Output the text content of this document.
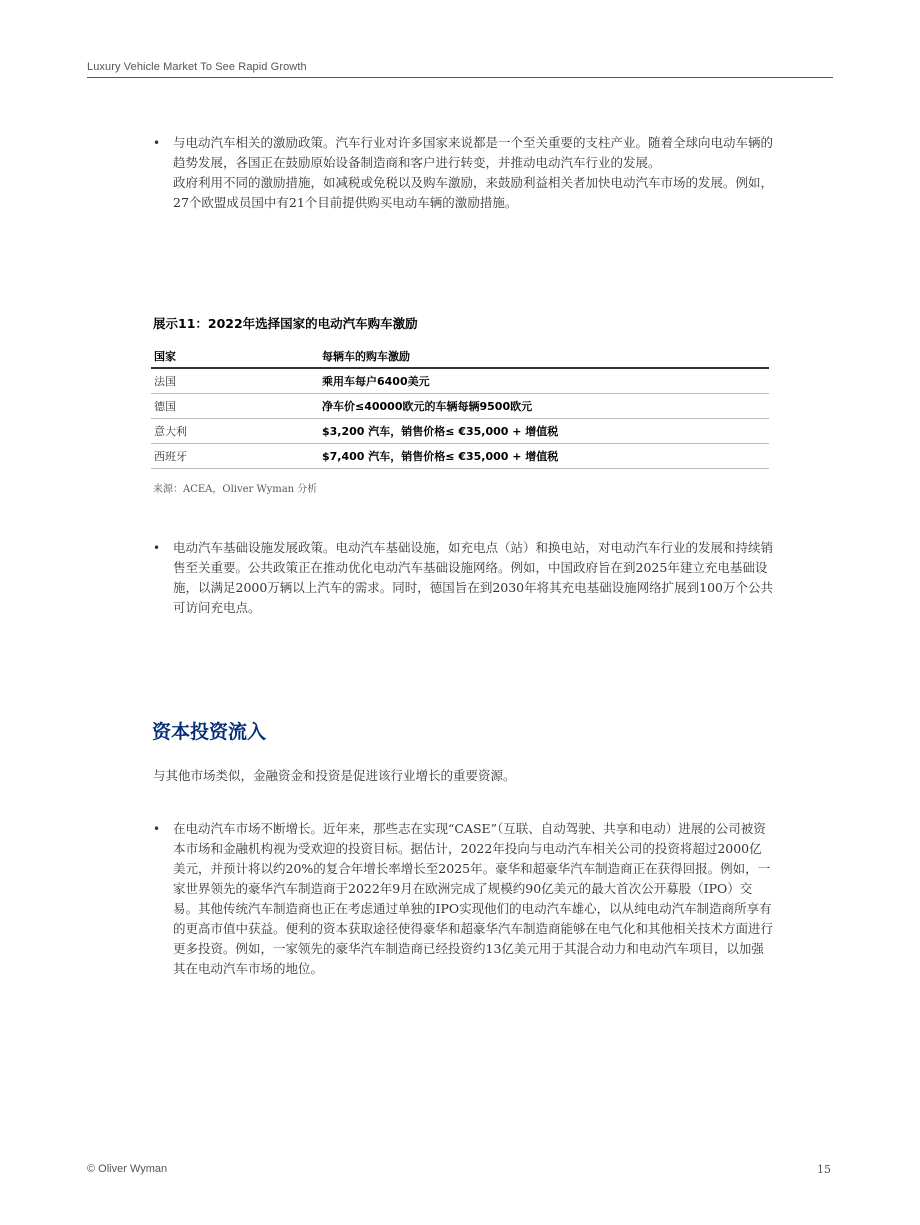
Luxury Vehicle Market To See Rapid Growth
•	与电动汽车相关的激励政策。汽车行业对许多国家来说都是一个至关重要的支柱产业。随着全球向电动车辆的趋势发展，各国正在鼓励原始设备制造商和客户进行转变，并推动电动汽车行业的发展。
政府利用不同的激励措施，如减税或免税以及购车激励，来鼓励利益相关者加快电动汽车市场的发展。例如，27个欧盟成员国中有21个目前提供购买电动车辆的激励措施。
展示11：2022年选择国家的电动汽车购车激励
国家	每辆车的购车激励
法国	乘用车每户6400美元
德国	净车价≤40000欧元的车辆每辆9500欧元
意大利	$3,200 汽车，销售价格≤ €35,000 + 增值税
西班牙	$7,400 汽车，销售价格≤ €35,000 + 增值税
来源：ACEA，Oliver Wyman 分析
•	电动汽车基础设施发展政策。电动汽车基础设施，如充电点（站）和换电站，对电动汽车行业的发展和持续销售至关重要。公共政策正在推动优化电动汽车基础设施网络。例如，中国政府旨在到2025年建立充电基础设施，以满足2000万辆以上汽车的需求。同时，德国旨在到2030年将其充电基础设施网络扩展到100万个公共可访问充电点。
资本投资流入
与其他市场类似，金融资金和投资是促进该行业增长的重要资源。
•	在电动汽车市场不断增长。近年来，那些志在实现“CASE”（互联、自动驾驶、共享和电动）进展的公司被资本市场和金融机构视为受欢迎的投资目标。据估计，2022年投向与电动汽车相关公司的投资将超过2000亿美元，并预计将以约20%的复合年增长率增长至2025年。豪华和超豪华汽车制造商正在获得回报。例如，一家世界领先的豪华汽车制造商于2022年9月在欧洲完成了规模约90亿美元的最大首次公开募股（IPO）交易。其他传统汽车制造商也正在考虑通过单独的IPO实现他们的电动汽车雄心，以从纯电动汽车制造商所享有的更高市值中获益。便利的资本获取途径使得豪华和超豪华汽车制造商能够在电气化和其他相关技术方面进行更多投资。例如，一家领先的豪华汽车制造商已经投资约13亿美元用于其混合动力和电动汽车项目，以加强其在电动汽车市场的地位。
© Oliver Wyman	15
